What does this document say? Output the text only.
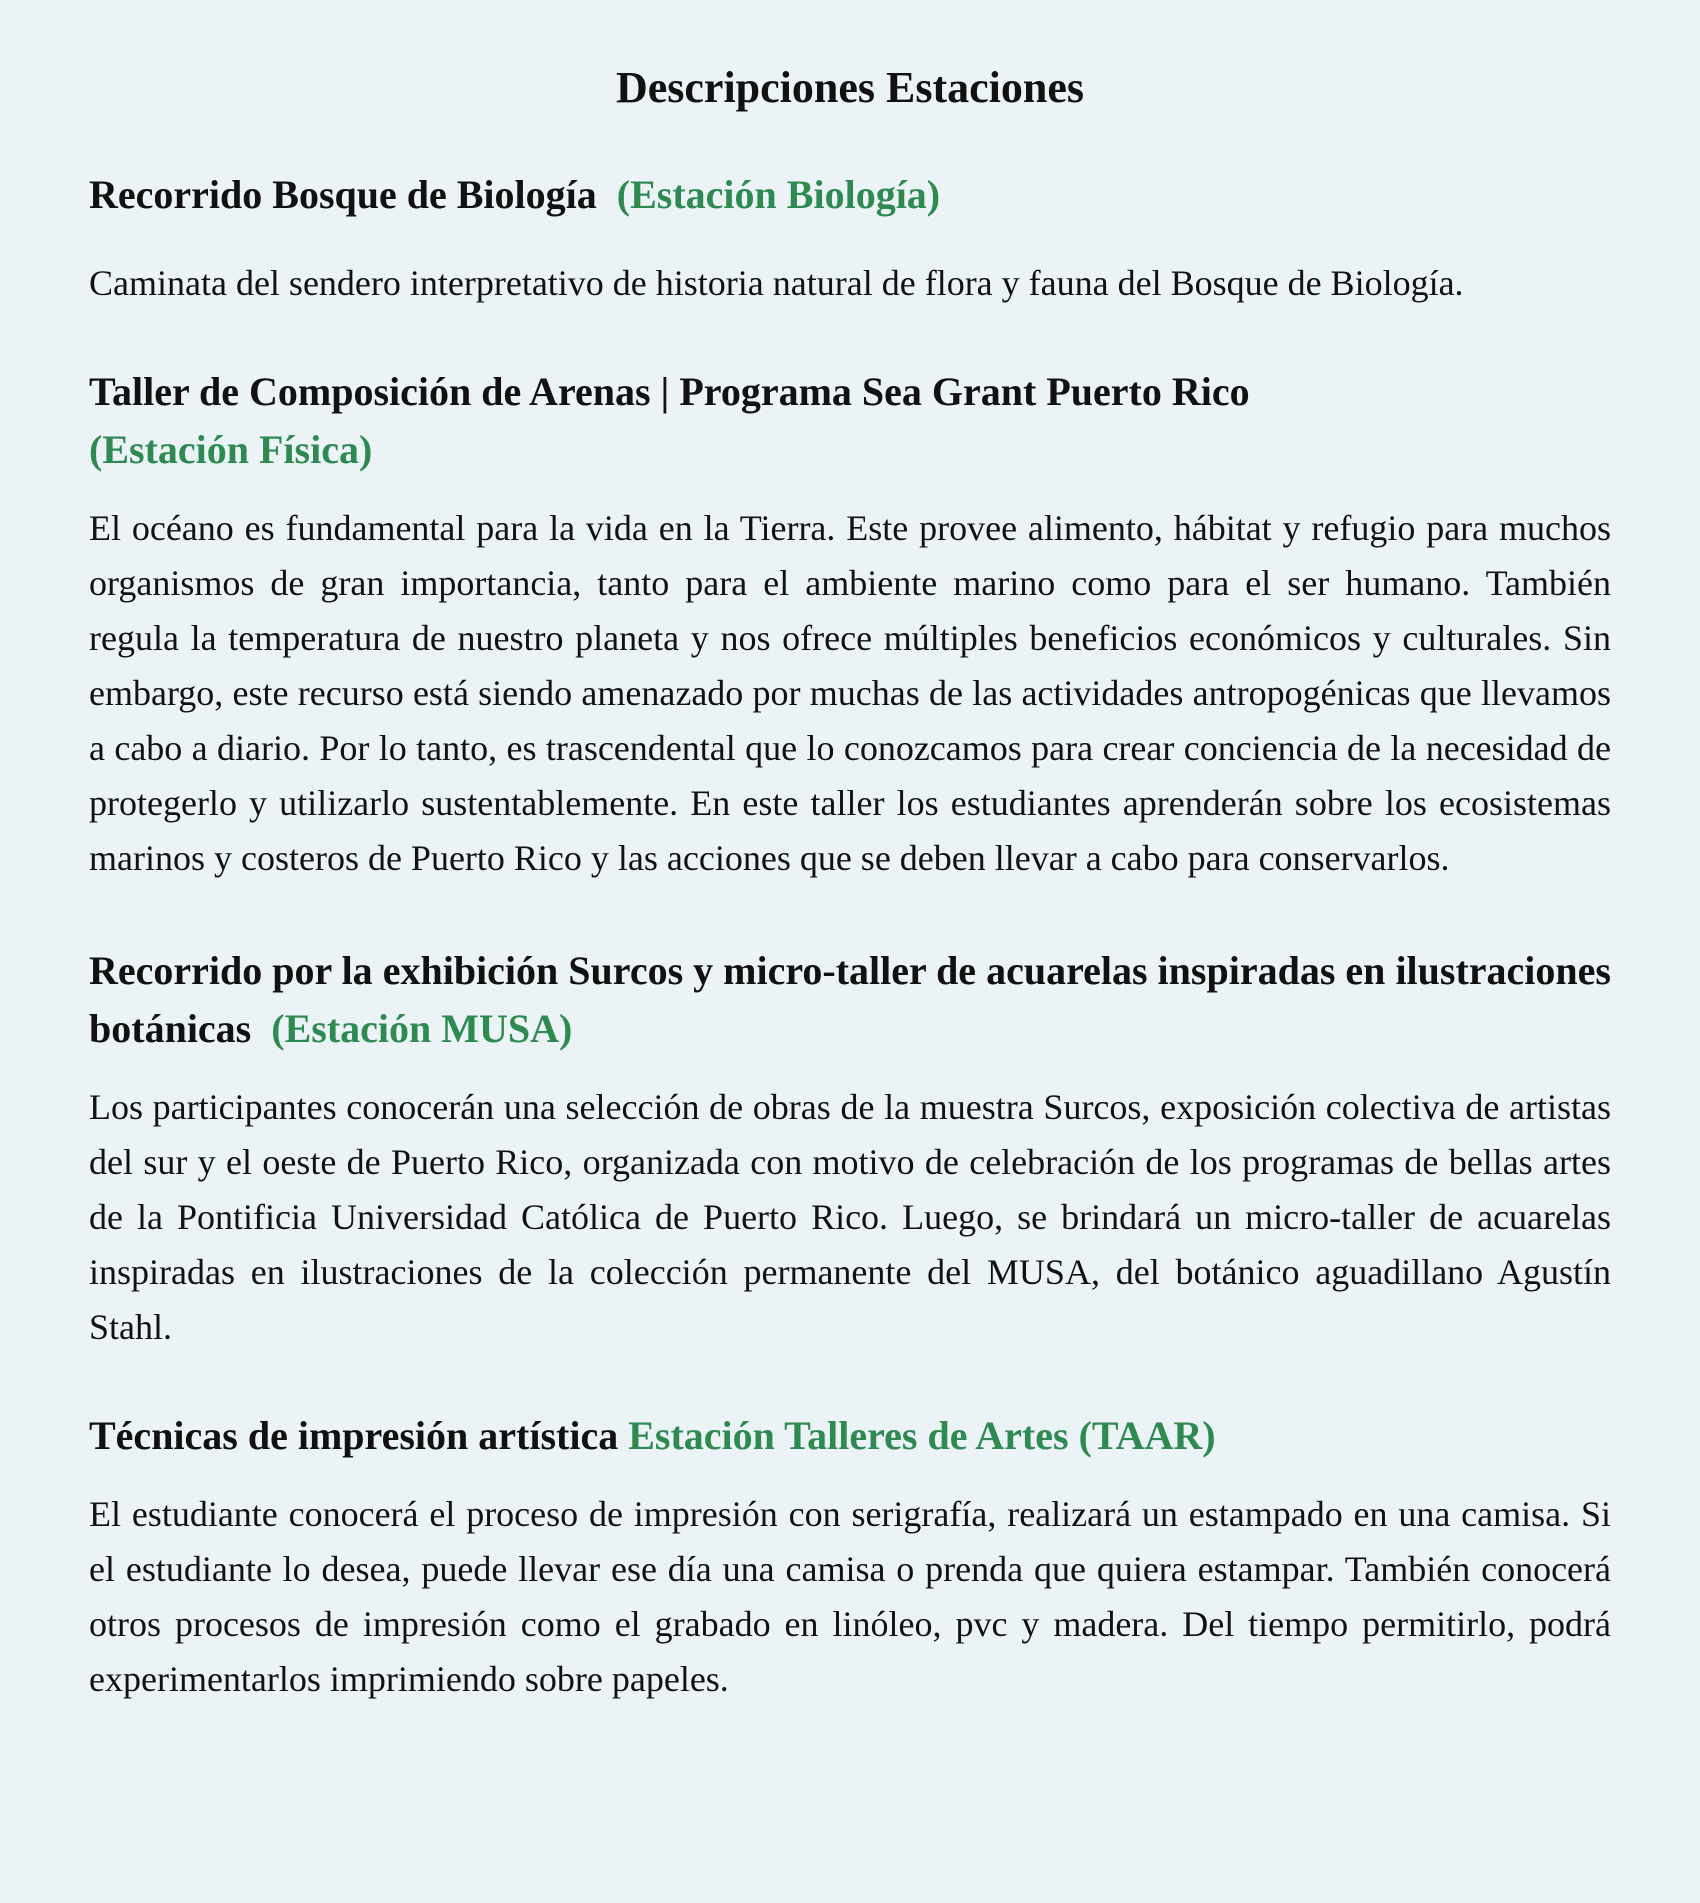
Descripciones Estaciones
Recorrido Bosque de Biología (Estación Biología)

Caminata del sendero interpretativo de historia natural de flora y fauna del Bosque de Biología.

Taller de Composición de Arenas | Programa Sea Grant Puerto Rico
(Estación Física)

El océano es fundamental para la vida en la Tierra. Este provee alimento, hábitat y refugio para muchos organismos de gran importancia, tanto para el ambiente marino como para el ser humano. También regula la temperatura de nuestro planeta y nos ofrece múltiples beneficios económicos y culturales. Sin embargo, este recurso está siendo amenazado por muchas de las actividades antropogénicas que llevamos a cabo a diario. Por lo tanto, es trascendental que lo conozcamos para crear conciencia de la necesidad de protegerlo y utilizarlo sustentablemente. En este taller los estudiantes aprenderán sobre los ecosistemas marinos y costeros de Puerto Rico y las acciones que se deben llevar a cabo para conservarlos.

Recorrido por la exhibición Surcos y micro-taller de acuarelas inspiradas en ilustraciones botánicas (Estación MUSA)

Los participantes conocerán una selección de obras de la muestra Surcos, exposición colectiva de artistas del sur y el oeste de Puerto Rico, organizada con motivo de celebración de los programas de bellas artes de la Pontificia Universidad Católica de Puerto Rico. Luego, se brindará un micro-taller de acuarelas inspiradas en ilustraciones de la colección permanente del MUSA, del botánico aguadillano Agustín Stahl.

Técnicas de impresión artística Estación Talleres de Artes (TAAR)

El estudiante conocerá el proceso de impresión con serigrafía, realizará un estampado en una camisa. Si el estudiante lo desea, puede llevar ese día una camisa o prenda que quiera estampar. También conocerá otros procesos de impresión como el grabado en linóleo, pvc y madera. Del tiempo permitirlo, podrá experimentarlos imprimiendo sobre papeles.
